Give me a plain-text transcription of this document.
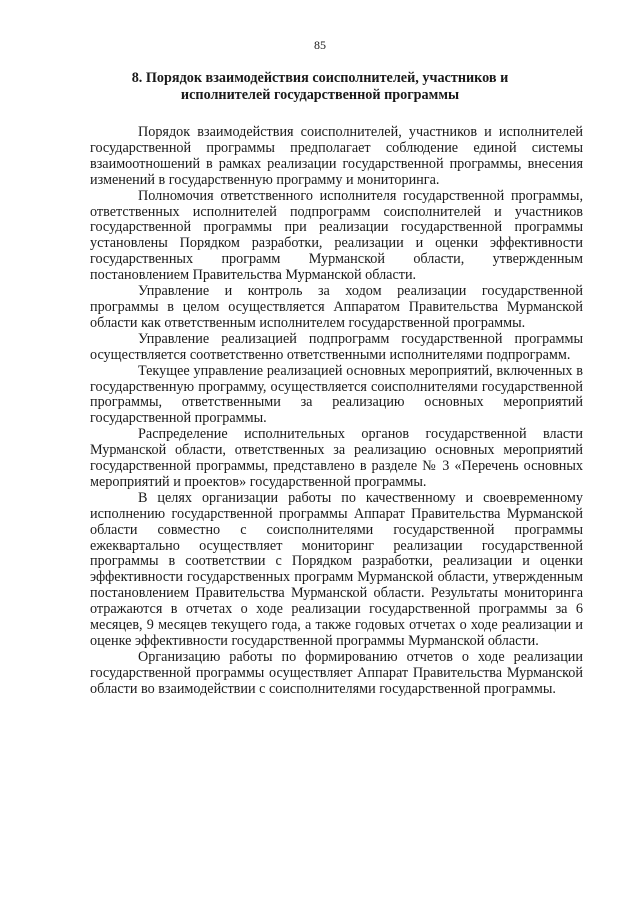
85
8. Порядок взаимодействия соисполнителей, участников и
исполнителей государственной программы

Порядок взаимодействия соисполнителей, участников и исполнителей государственной программы предполагает соблюдение единой системы взаимоотношений в рамках реализации государственной программы, внесения изменений в государственную программу и мониторинга.

Полномочия ответственного исполнителя государственной программы, ответственных исполнителей подпрограмм соисполнителей и участников государственной программы при реализации государственной программы установлены Порядком разработки, реализации и оценки эффективности государственных программ Мурманской области, утвержденным постановлением Правительства Мурманской области.

Управление и контроль за ходом реализации государственной программы в целом осуществляется Аппаратом Правительства Мурманской области как ответственным исполнителем государственной программы.

Управление реализацией подпрограмм государственной программы осуществляется соответственно ответственными исполнителями подпрограмм.

Текущее управление реализацией основных мероприятий, включенных в государственную программу, осуществляется соисполнителями государственной программы, ответственными за реализацию основных мероприятий государственной программы.

Распределение исполнительных органов государственной власти Мурманской области, ответственных за реализацию основных мероприятий государственной программы, представлено в разделе № 3 «Перечень основных мероприятий и проектов» государственной программы.

В целях организации работы по качественному и своевременному исполнению государственной программы Аппарат Правительства Мурманской области совместно с соисполнителями государственной программы ежеквартально осуществляет мониторинг реализации государственной программы в соответствии с Порядком разработки, реализации и оценки эффективности государственных программ Мурманской области, утвержденным постановлением Правительства Мурманской области. Результаты мониторинга отражаются в отчетах о ходе реализации государственной программы за 6 месяцев, 9 месяцев текущего года, а также годовых отчетах о ходе реализации и оценке эффективности государственной программы Мурманской области.

Организацию работы по формированию отчетов о ходе реализации государственной программы осуществляет Аппарат Правительства Мурманской области во взаимодействии с соисполнителями государственной программы.
